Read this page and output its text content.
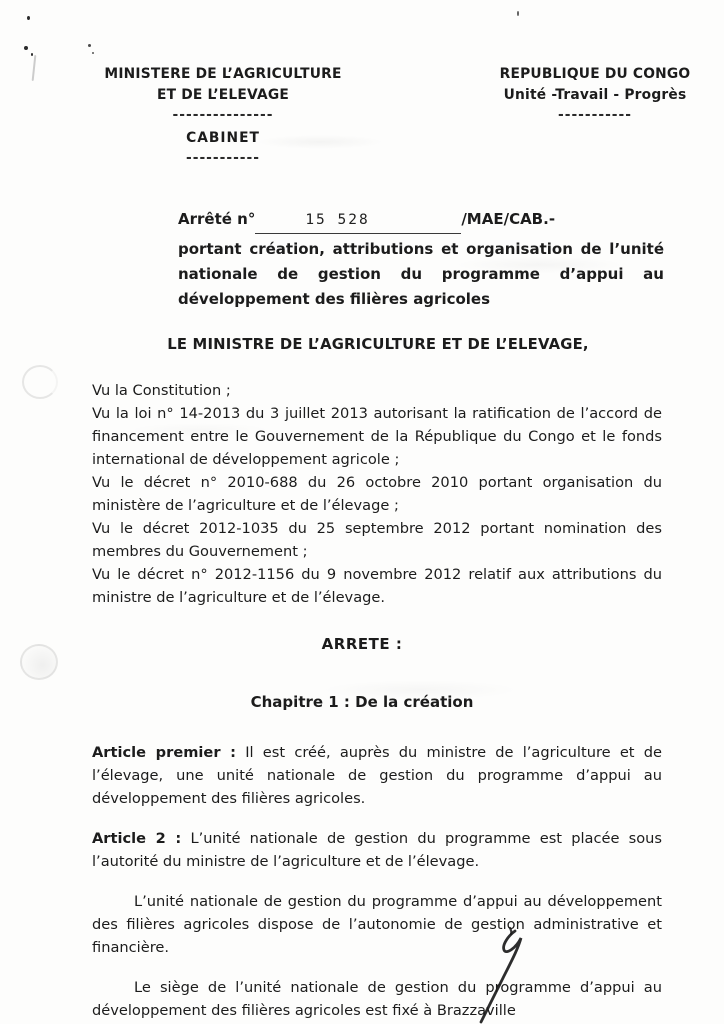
MINISTERE DE L’AGRICULTURE
ET DE L’ELEVAGE
---------------
CABINET
-----------
REPUBLIQUE DU CONGO
Unité -Travail - Progrès
-----------
Arrêté n°	15 528	/MAE/CAB.-
portant création, attributions et organisation de l’unité nationale de gestion du programme d’appui au développement des filières agricoles
LE MINISTRE DE L’AGRICULTURE ET DE L’ELEVAGE,

Vu la Constitution ;

Vu la loi n° 14-2013 du 3 juillet 2013 autorisant la ratification de l’accord de financement entre le Gouvernement de la République du Congo et le fonds international de développement agricole ;

Vu le décret n° 2010-688 du 26 octobre 2010 portant organisation du ministère de l’agriculture et de l’élevage ;

Vu le décret 2012-1035 du 25 septembre 2012 portant nomination des membres du Gouvernement ;

Vu le décret n° 2012-1156 du 9 novembre 2012 relatif aux attributions du ministre de l’agriculture et de l’élevage.

ARRETE :
Chapitre 1 : De la création

Article premier : Il est créé, auprès du ministre de l’agriculture et de l’élevage, une unité nationale de gestion du programme d’appui au développement des filières agricoles.

Article 2 : L’unité nationale de gestion du programme est placée sous l’autorité du ministre de l’agriculture et de l’élevage.

L’unité nationale de gestion du programme d’appui au développement des filières agricoles dispose de l’autonomie de gestion administrative et financière.

Le siège de l’unité nationale de gestion du programme d’appui au développement des filières agricoles est fixé à Brazzaville
